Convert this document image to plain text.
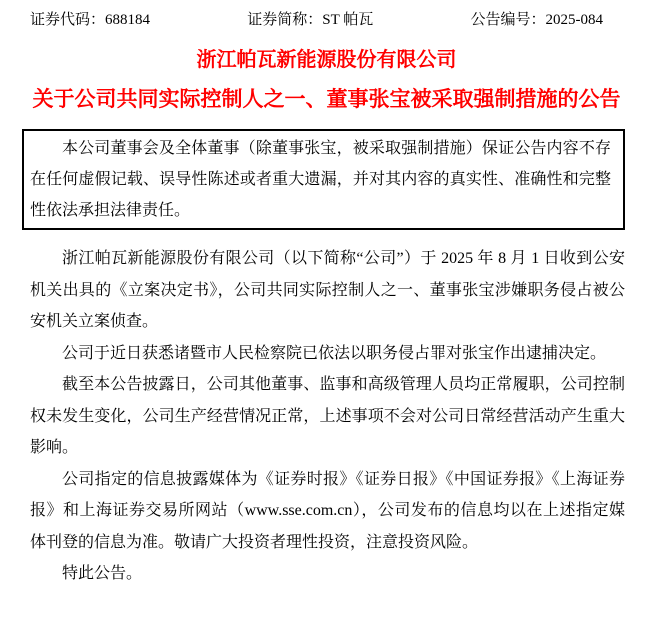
证券代码：688184	证券简称：ST 帕瓦	公告编号：2025-084
浙江帕瓦新能源股份有限公司
关于公司共同实际控制人之一、董事张宝被采取强制措施的公告

本公司董事会及全体董事（除董事张宝，被采取强制措施）保证公告内容不存在任何虚假记载、误导性陈述或者重大遗漏，并对其内容的真实性、准确性和完整性依法承担法律责任。

浙江帕瓦新能源股份有限公司（以下简称“公司”）于 2025 年 8 月 1 日收到公安机关出具的《立案决定书》，公司共同实际控制人之一、董事张宝涉嫌职务侵占被公安机关立案侦查。

公司于近日获悉诸暨市人民检察院已依法以职务侵占罪对张宝作出逮捕决定。

截至本公告披露日，公司其他董事、监事和高级管理人员均正常履职，公司控制权未发生变化，公司生产经营情况正常，上述事项不会对公司日常经营活动产生重大影响。

公司指定的信息披露媒体为《证券时报》《证券日报》《中国证券报》《上海证券报》和上海证券交易所网站（www.sse.com.cn），公司发布的信息均以在上述指定媒体刊登的信息为准。敬请广大投资者理性投资，注意投资风险。

特此公告。
